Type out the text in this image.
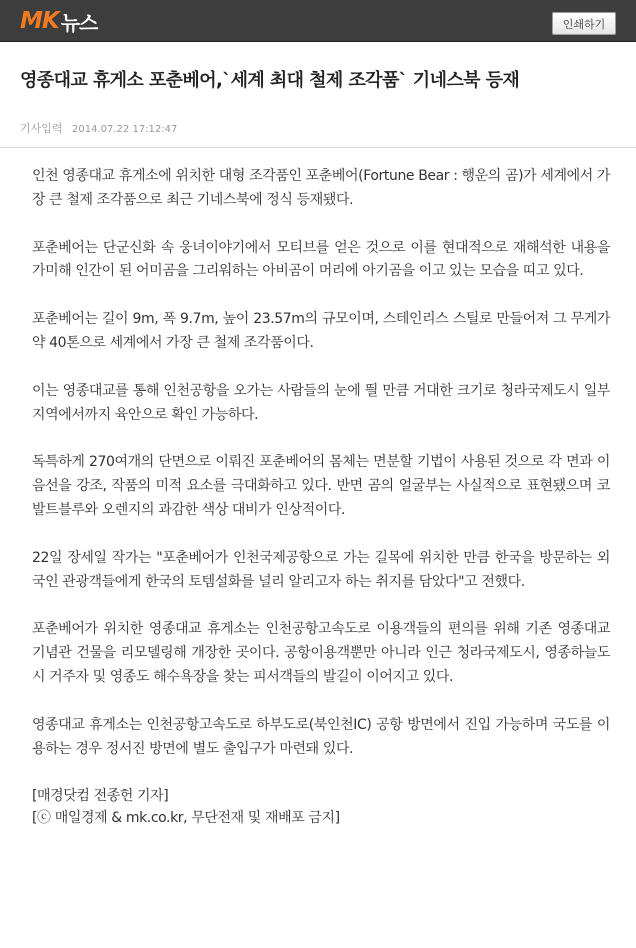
MK 뉴스	인쇄하기
영종대교 휴게소 포춘베어,`세계 최대 철제 조각품` 기네스북 등재
기사입력 2014.07.22 17:12:47

인천 영종대교 휴게소에 위치한 대형 조각품인 포춘베어(Fortune Bear : 행운의 곰)가 세계에서 가장 큰 철제 조각품으로 최근 기네스북에 정식 등재됐다.

포춘베어는 단군신화 속 웅녀이야기에서 모티브를 얻은 것으로 이를 현대적으로 재해석한 내용을 가미해 인간이 된 어미곰을 그리워하는 아비곰이 머리에 아기곰을 이고 있는 모습을 띠고 있다.

포춘베어는 길이 9m, 폭 9.7m, 높이 23.57m의 규모이며, 스테인리스 스틸로 만들어져 그 무게가 약 40톤으로 세계에서 가장 큰 철제 조각품이다.

이는 영종대교를 통해 인천공항을 오가는 사람들의 눈에 띌 만큼 거대한 크기로 청라국제도시 일부지역에서까지 육안으로 확인 가능하다.

독특하게 270여개의 단면으로 이뤄진 포춘베어의 몸체는 면분할 기법이 사용된 것으로 각 면과 이음선을 강조, 작품의 미적 요소를 극대화하고 있다. 반면 곰의 얼굴부는 사실적으로 표현됐으며 코발트블루와 오렌지의 과감한 색상 대비가 인상적이다.

22일 장세일 작가는 "포춘베어가 인천국제공항으로 가는 길목에 위치한 만큼 한국을 방문하는 외국인 관광객들에게 한국의 토템설화를 널리 알리고자 하는 취지를 담았다"고 전했다.

포춘베어가 위치한 영종대교 휴게소는 인천공항고속도로 이용객들의 편의를 위해 기존 영종대교 기념관 건물을 리모델링해 개장한 곳이다. 공항이용객뿐만 아니라 인근 청라국제도시, 영종하늘도시 거주자 및 영종도 해수욕장을 찾는 피서객들의 발길이 이어지고 있다.

영종대교 휴게소는 인천공항고속도로 하부도로(북인천IC) 공항 방면에서 진입 가능하며 국도를 이용하는 경우 정서진 방면에 별도 출입구가 마련돼 있다.

[매경닷컴 전종헌 기자]

[ⓒ 매일경제 & mk.co.kr, 무단전재 및 재배포 금지]
